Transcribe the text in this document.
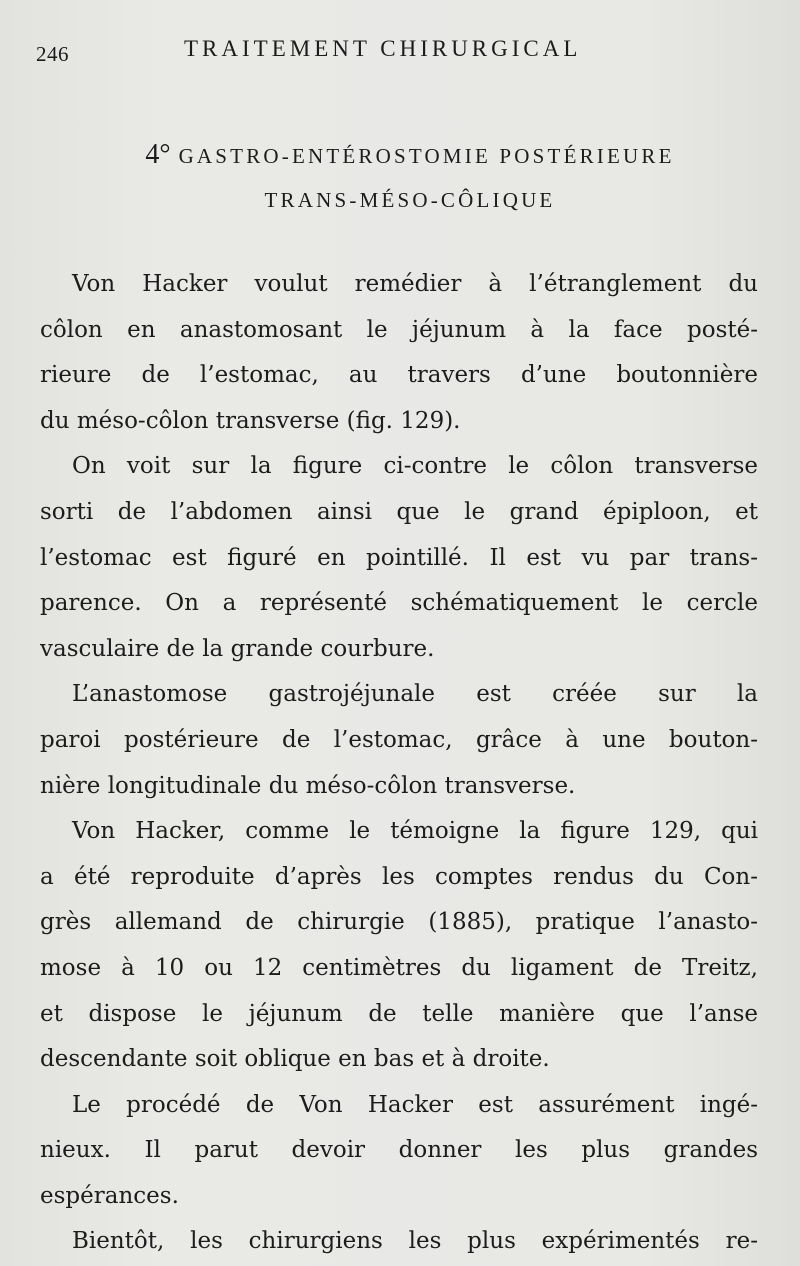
246	TRAITEMENT CHIRURGICAL
4° GASTRO-ENTÉROSTOMIE POSTÉRIEURE
TRANS-MÉSO-CÔLIQUE
Von Hacker voulut remédier à l’étranglement du
côlon en anastomosant le jéjunum à la face posté-
rieure de l’estomac, au travers d’une boutonnière
du méso-côlon transverse (fig. 129).
On voit sur la figure ci-contre le côlon transverse
sorti de l’abdomen ainsi que le grand épiploon, et
l’estomac est figuré en pointillé. Il est vu par trans-
parence. On a représenté schématiquement le cercle
vasculaire de la grande courbure.
L’anastomose gastrojéjunale est créée sur la
paroi postérieure de l’estomac, grâce à une bouton-
nière longitudinale du méso-côlon transverse.
Von Hacker, comme le témoigne la figure 129, qui
a été reproduite d’après les comptes rendus du Con-
grès allemand de chirurgie (1885), pratique l’anasto-
mose à 10 ou 12 centimètres du ligament de Treitz,
et dispose le jéjunum de telle manière que l’anse
descendante soit oblique en bas et à droite.
Le procédé de Von Hacker est assurément ingé-
nieux. Il parut devoir donner les plus grandes
espérances.
Bientôt, les chirurgiens les plus expérimentés re-
